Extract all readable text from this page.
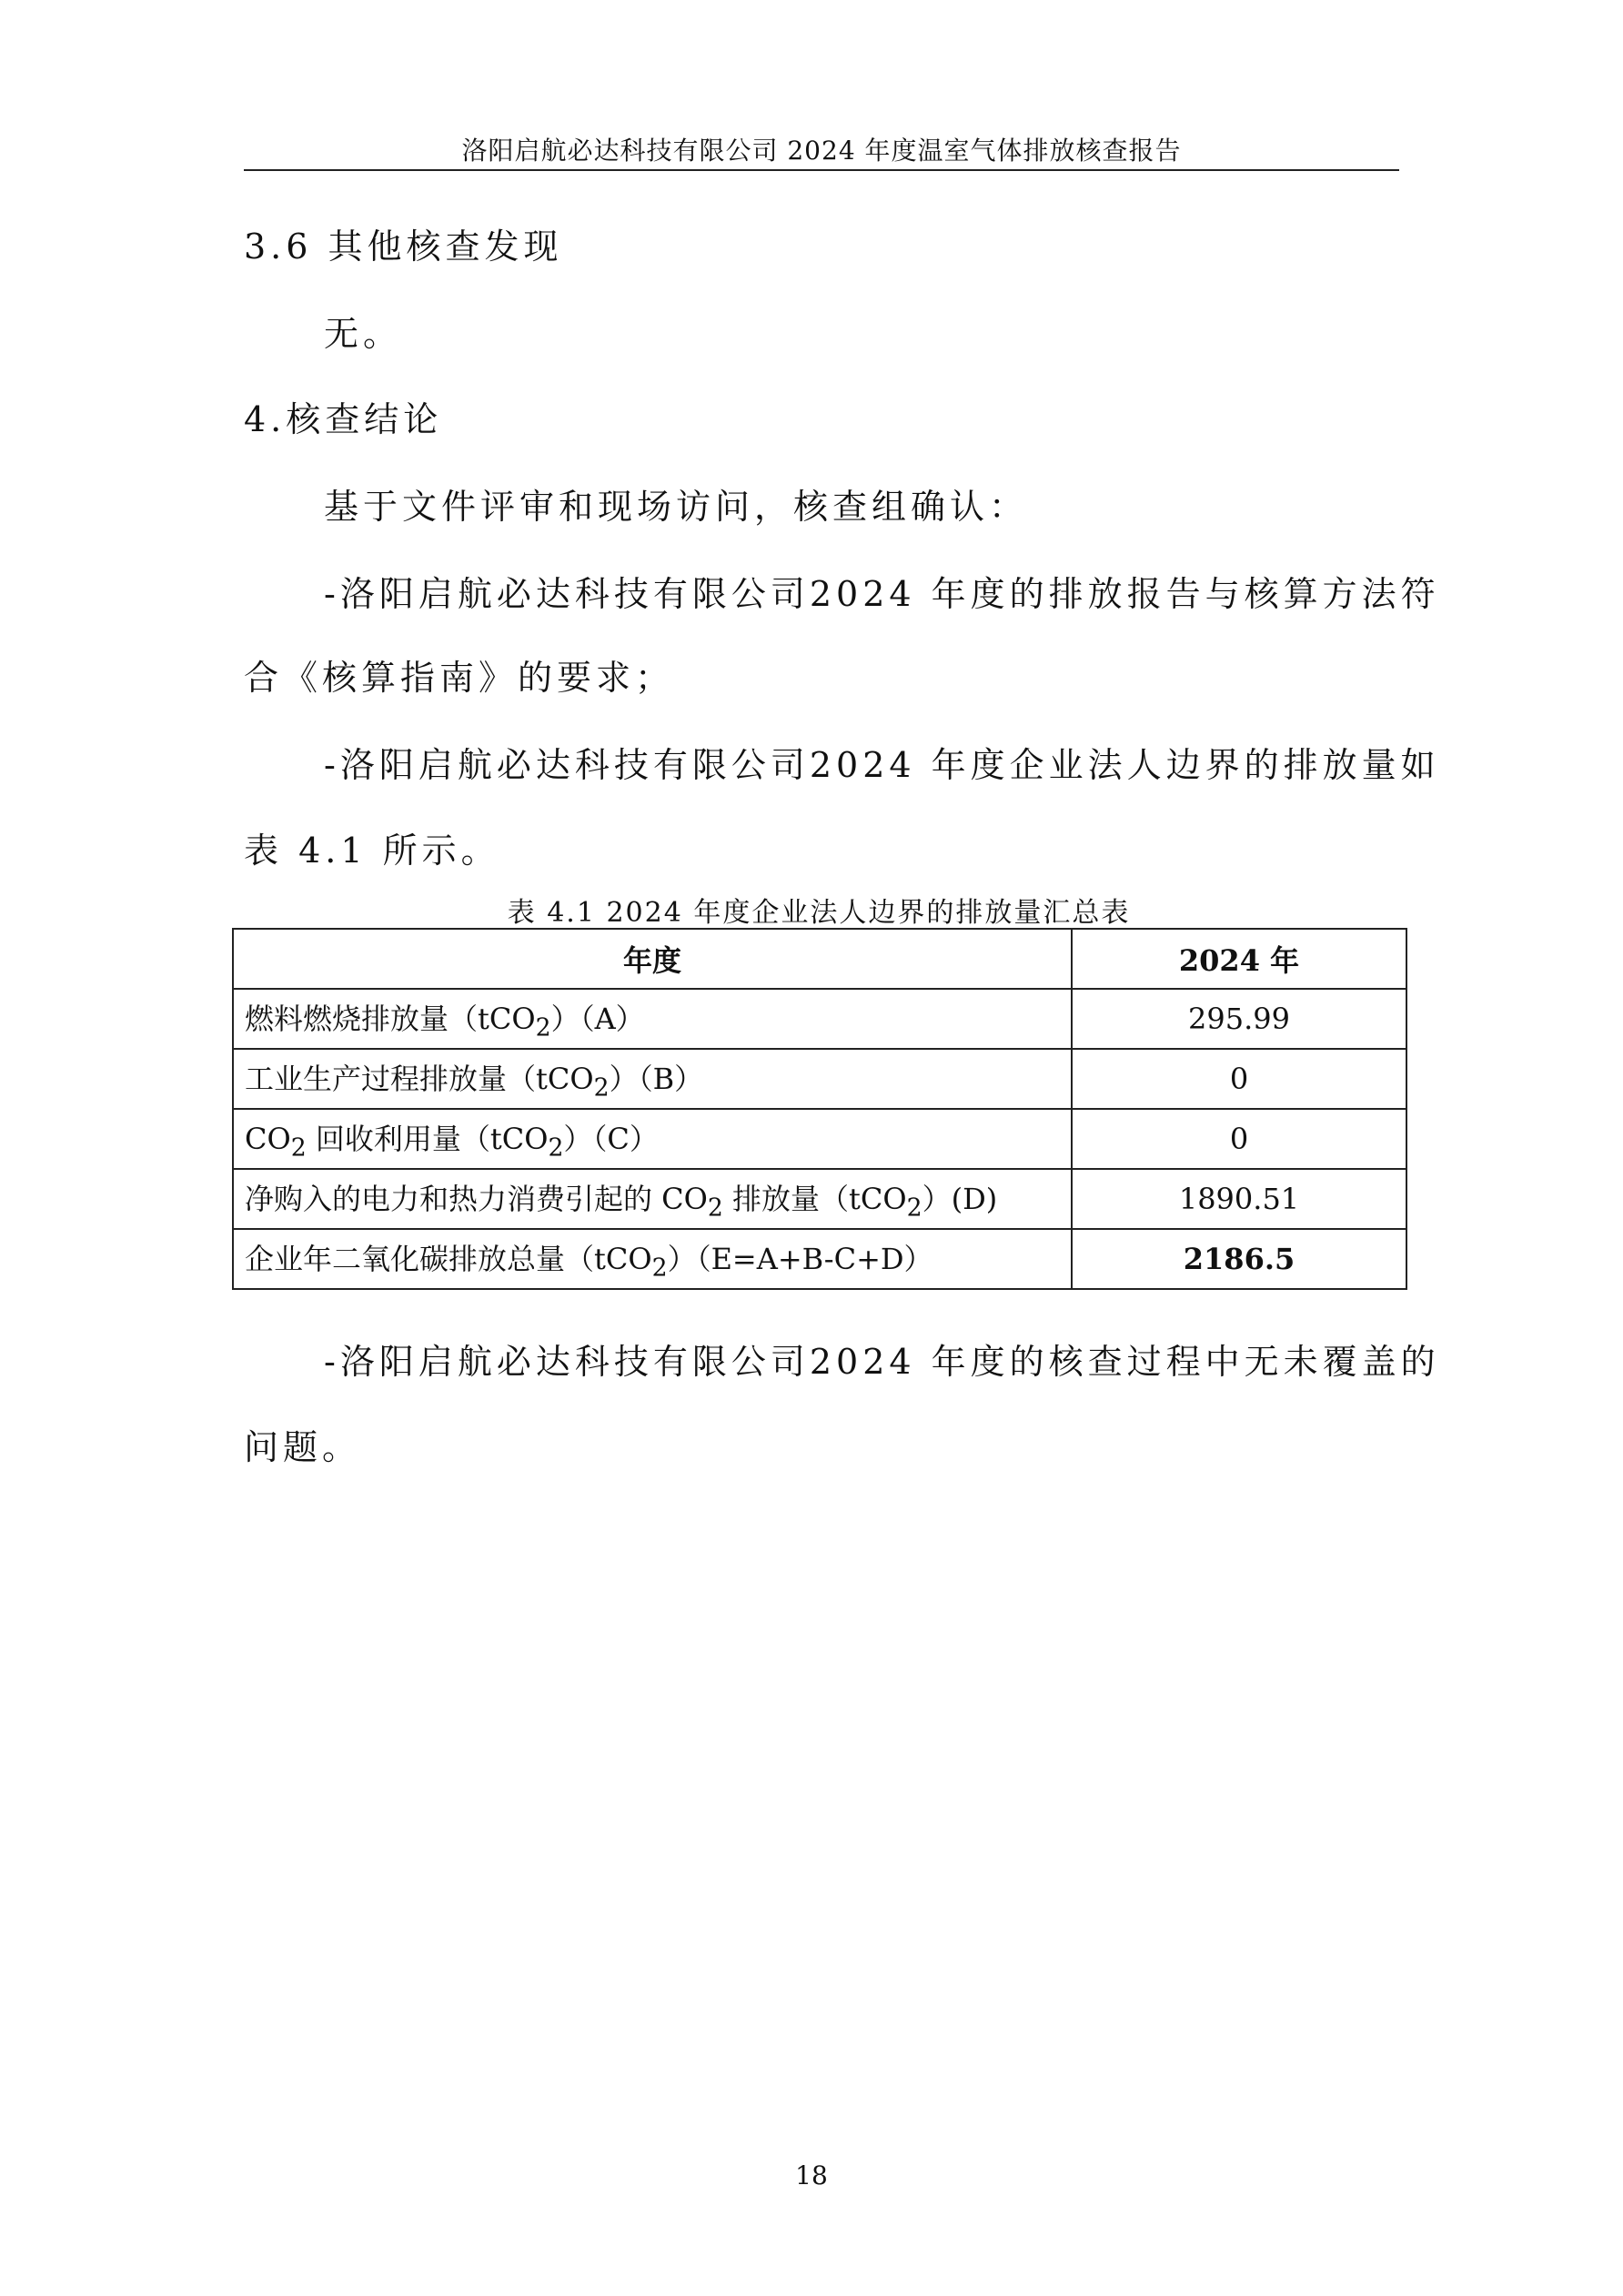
洛阳启航必达科技有限公司 2024 年度温室气体排放核查报告
3.6 其他核查发现
无。
4.核查结论
基于文件评审和现场访问，核查组确认：
-洛阳启航必达科技有限公司2024 年度的排放报告与核算方法符
合《核算指南》的要求；
-洛阳启航必达科技有限公司2024 年度企业法人边界的排放量如
表 4.1 所示。
表 4.1 2024 年度企业法人边界的排放量汇总表
年度	2024 年
燃料燃烧排放量（tCO$_2$）（A）	295.99
工业生产过程排放量（tCO$_2$）（B）	0
$CO_2$ 回收利用量（tCO$_2$）（C）	0
净购入的电力和热力消费引起的 $CO_2$ 排放量（tCO$_2$）(D)	1890.51
企业年二氧化碳排放总量（tCO$_2$）（E=A+B-C+D）	2186.5
-洛阳启航必达科技有限公司2024 年度的核查过程中无未覆盖的
问题。
18
